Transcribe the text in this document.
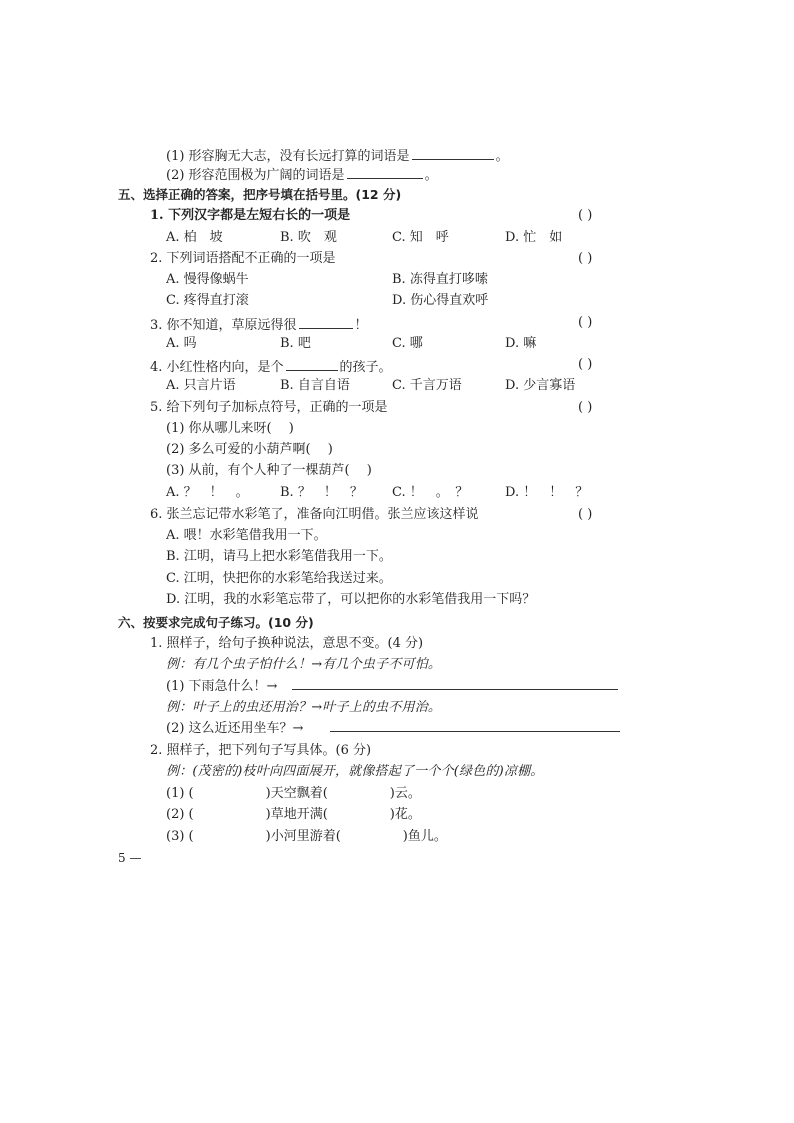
(1) 形容胸无大志，没有长远打算的词语是	。
(2) 形容范围极为广阔的词语是	。
五、选择正确的答案，把序号填在括号里。(12 分)
1. 下列汉字都是左短右长的一项是	( )
A. 柏　坡	B. 吹　观	C. 知　呼	D. 忙　如
2. 下列词语搭配不正确的一项是	( )
A. 慢得像蜗牛	B. 冻得直打哆嗦
C. 疼得直打滚	D. 伤心得直欢呼
3. 你不知道，草原远得很	！	( )
A. 吗	B. 吧	C. 哪	D. 嘛
4. 小红性格内向，是个	的孩子。	( )
A. 只言片语	B. 自言自语	C. 千言万语	D. 少言寡语
5. 给下列句子加标点符号，正确的一项是	( )
(1) 你从哪儿来呀(　 )
(2) 多么可爱的小葫芦啊(　 )
(3) 从前，有个人种了一棵葫芦(　 )
A. ？　！　。 B. ？　！　？ C. ！　。　？	D. ！　！　？
6. 张兰忘记带水彩笔了，准备向江明借。张兰应该这样说	( )
A. 喂！水彩笔借我用一下。
B. 江明，请马上把水彩笔借我用一下。
C. 江明，快把你的水彩笔给我送过来。
D. 江明，我的水彩笔忘带了，可以把你的水彩笔借我用一下吗？
六、按要求完成句子练习。(10 分)
1. 照样子，给句子换种说法，意思不变。(4 分)
例：有几个虫子怕什么！→有几个虫子不可怕。
(1) 下雨急什么！→
例：叶子上的虫还用治？→叶子上的虫不用治。
(2) 这么近还用坐车？→
2. 照样子，把下列句子写具体。(6 分)
例：(茂密的)枝叶向四面展开，就像搭起了一个个(绿色的)凉棚。
(1) (	)天空飘着(	)云。
(2) (	)草地开满(	)花。
(3) (	)小河里游着(	)鱼儿。
5 —
